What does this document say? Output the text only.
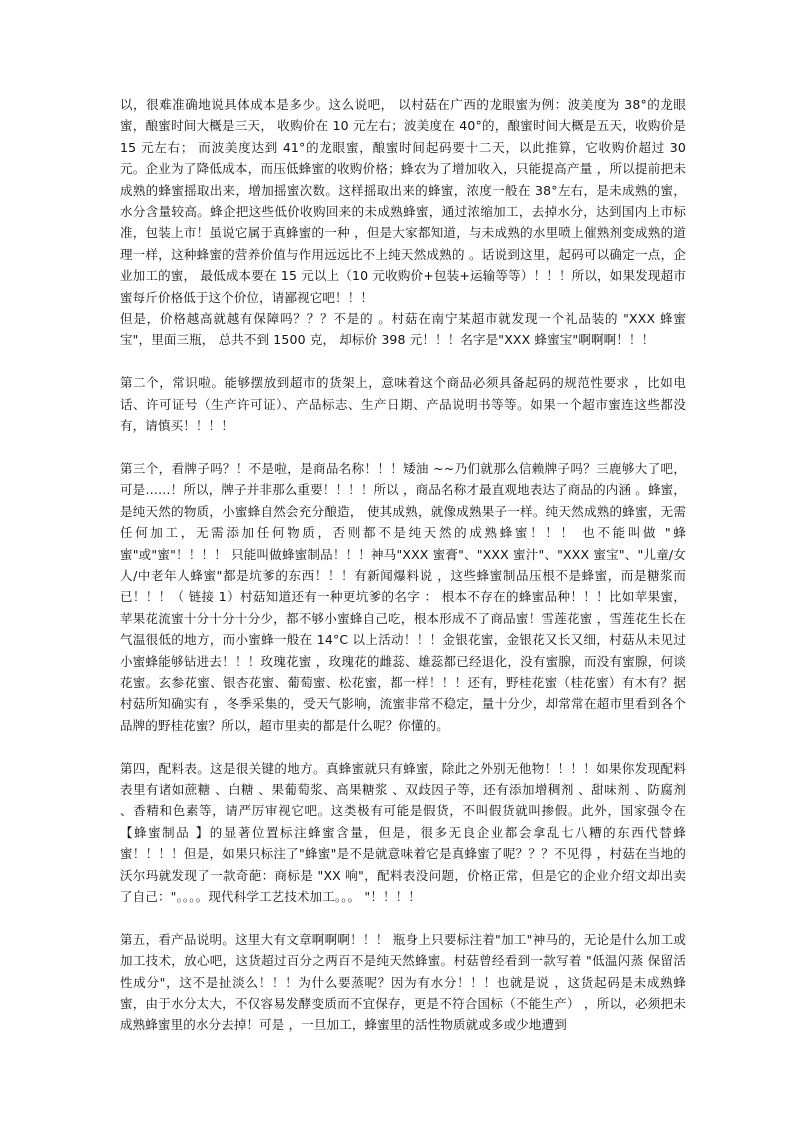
以，很难准确地说具体成本是多少。这么说吧， 以村菇在广西的龙眼蜜为例：波美度为 38°的龙眼蜜，酿蜜时间大概是三天， 收购价在 10 元左右；波美度在 40°的，酿蜜时间大概是五天，收购价是 15 元左右； 而波美度达到 41°的龙眼蜜，酿蜜时间起码要十二天，以此推算，它收购价超过 30 元。企业为了降低成本，而压低蜂蜜的收购价格；蜂农为了增加收入，只能提高产量 ，所以提前把未成熟的蜂蜜摇取出来，增加摇蜜次数。这样摇取出来的蜂蜜，浓度一般在 38°左右，是未成熟的蜜，水分含量较高。蜂企把这些低价收购回来的未成熟蜂蜜，通过浓缩加工，去掉水分，达到国内上市标准，包装上市！虽说它属于真蜂蜜的一种 ，但是大家都知道，与未成熟的水里喷上催熟剂变成熟的道理一样，这种蜂蜜的营养价值与作用远远比不上纯天然成熟的 。话说到这里，起码可以确定一点，企业加工的蜜， 最低成本要在 15 元以上（10 元收购价+包装+运输等等）！！！所以，如果发现超市蜜每斤价格低于这个价位，请鄙视它吧！！！
但是，价格越高就越有保障吗？？？不是的 。村菇在南宁某超市就发现一个礼品装的 "XXX 蜂蜜宝"，里面三瓶， 总共不到 1500 克， 却标价 398 元！！！名字是"XXX 蜂蜜宝"啊啊啊！！！

第二个，常识啦。能够摆放到超市的货架上，意味着这个商品必须具备起码的规范性要求 ，比如电话、许可证号（生产许可证）、产品标志、生产日期、产品说明书等等。如果一个超市蜜连这些都没有，请慎买！！！！

第三个，看牌子吗？！不是啦，是商品名称！！！矮油 ~~乃们就那么信赖牌子吗？三鹿够大了吧，可是……！所以，牌子并非那么重要！！！！所以 ，商品名称才最直观地表达了商品的内涵 。蜂蜜，是纯天然的物质，小蜜蜂自然会充分酿造， 使其成熟，就像成熟果子一样。纯天然成熟的蜂蜜，无需任何加工，无需添加任何物质，否则都不是纯天然的成熟蜂蜜！！！ 也不能叫做 "蜂蜜"或"蜜"！！！！ 只能叫做蜂蜜制品！！！神马"XXX 蜜膏"、"XXX 蜜汁"、"XXX 蜜宝"、"儿童/女人/中老年人蜂蜜"都是坑爹的东西！！！有新闻爆料说 ，这些蜂蜜制品压根不是蜂蜜，而是糖浆而已！！！（ 链接 1）村菇知道还有一种更坑爹的名字 ： 根本不存在的蜂蜜品种！！！比如苹果蜜，苹果花流蜜十分十分十分少，都不够小蜜蜂自己吃，根本形成不了商品蜜！雪莲花蜜 ，雪莲花生长在气温很低的地方，而小蜜蜂一般在 14°C 以上活动！！！金银花蜜，金银花又长又细，村菇从未见过小蜜蜂能够钻进去！！！玫瑰花蜜 ，玫瑰花的雌蕊、雄蕊都已经退化，没有蜜腺，而没有蜜腺，何谈花蜜。玄参花蜜、银杏花蜜、葡萄蜜、松花蜜，都一样！！！还有，野桂花蜜（桂花蜜）有木有？据村菇所知确实有 ，冬季采集的，受天气影响，流蜜非常不稳定，量十分少，却常常在超市里看到各个品牌的野桂花蜜？所以，超市里卖的都是什么呢？你懂的。

第四，配料表。这是很关键的地方。真蜂蜜就只有蜂蜜，除此之外别无他物！！！！如果你发现配料表里有诸如蔗糖 、白糖 、果葡萄浆、高果糖浆 、双歧因子等，还有添加增稠剂 、甜味剂 、防腐剂 、香精和色素等，请严厉审视它吧。这类极有可能是假货，不叫假货就叫掺假。此外，国家强令在【蜂蜜制品 】的显著位置标注蜂蜜含量，但是，很多无良企业都会拿乱七八糟的东西代替蜂蜜！！！！但是，如果只标注了"蜂蜜"是不是就意味着它是真蜂蜜了呢？？？不见得 ，村菇在当地的沃尔玛就发现了一款奇葩：商标是 "XX 响"，配料表没问题，价格正常，但是它的企业介绍文却出卖了自己："。。。。现代科学工艺技术加工。。。 "！！！！

第五，看产品说明。这里大有文章啊啊啊！！！ 瓶身上只要标注着"加工"神马的，无论是什么加工或加工技术，放心吧，这货超过百分之两百不是纯天然蜂蜜。村菇曾经看到一款写着 "低温闪蒸 保留活性成分"，这不是扯淡么！！！为什么要蒸呢？因为有水分！！！也就是说 ，这货起码是未成熟蜂蜜，由于水分太大，不仅容易发酵变质而不宜保存，更是不符合国标（不能生产） ，所以，必须把未成熟蜂蜜里的水分去掉！可是 ，一旦加工，蜂蜜里的活性物质就或多或少地遭到
